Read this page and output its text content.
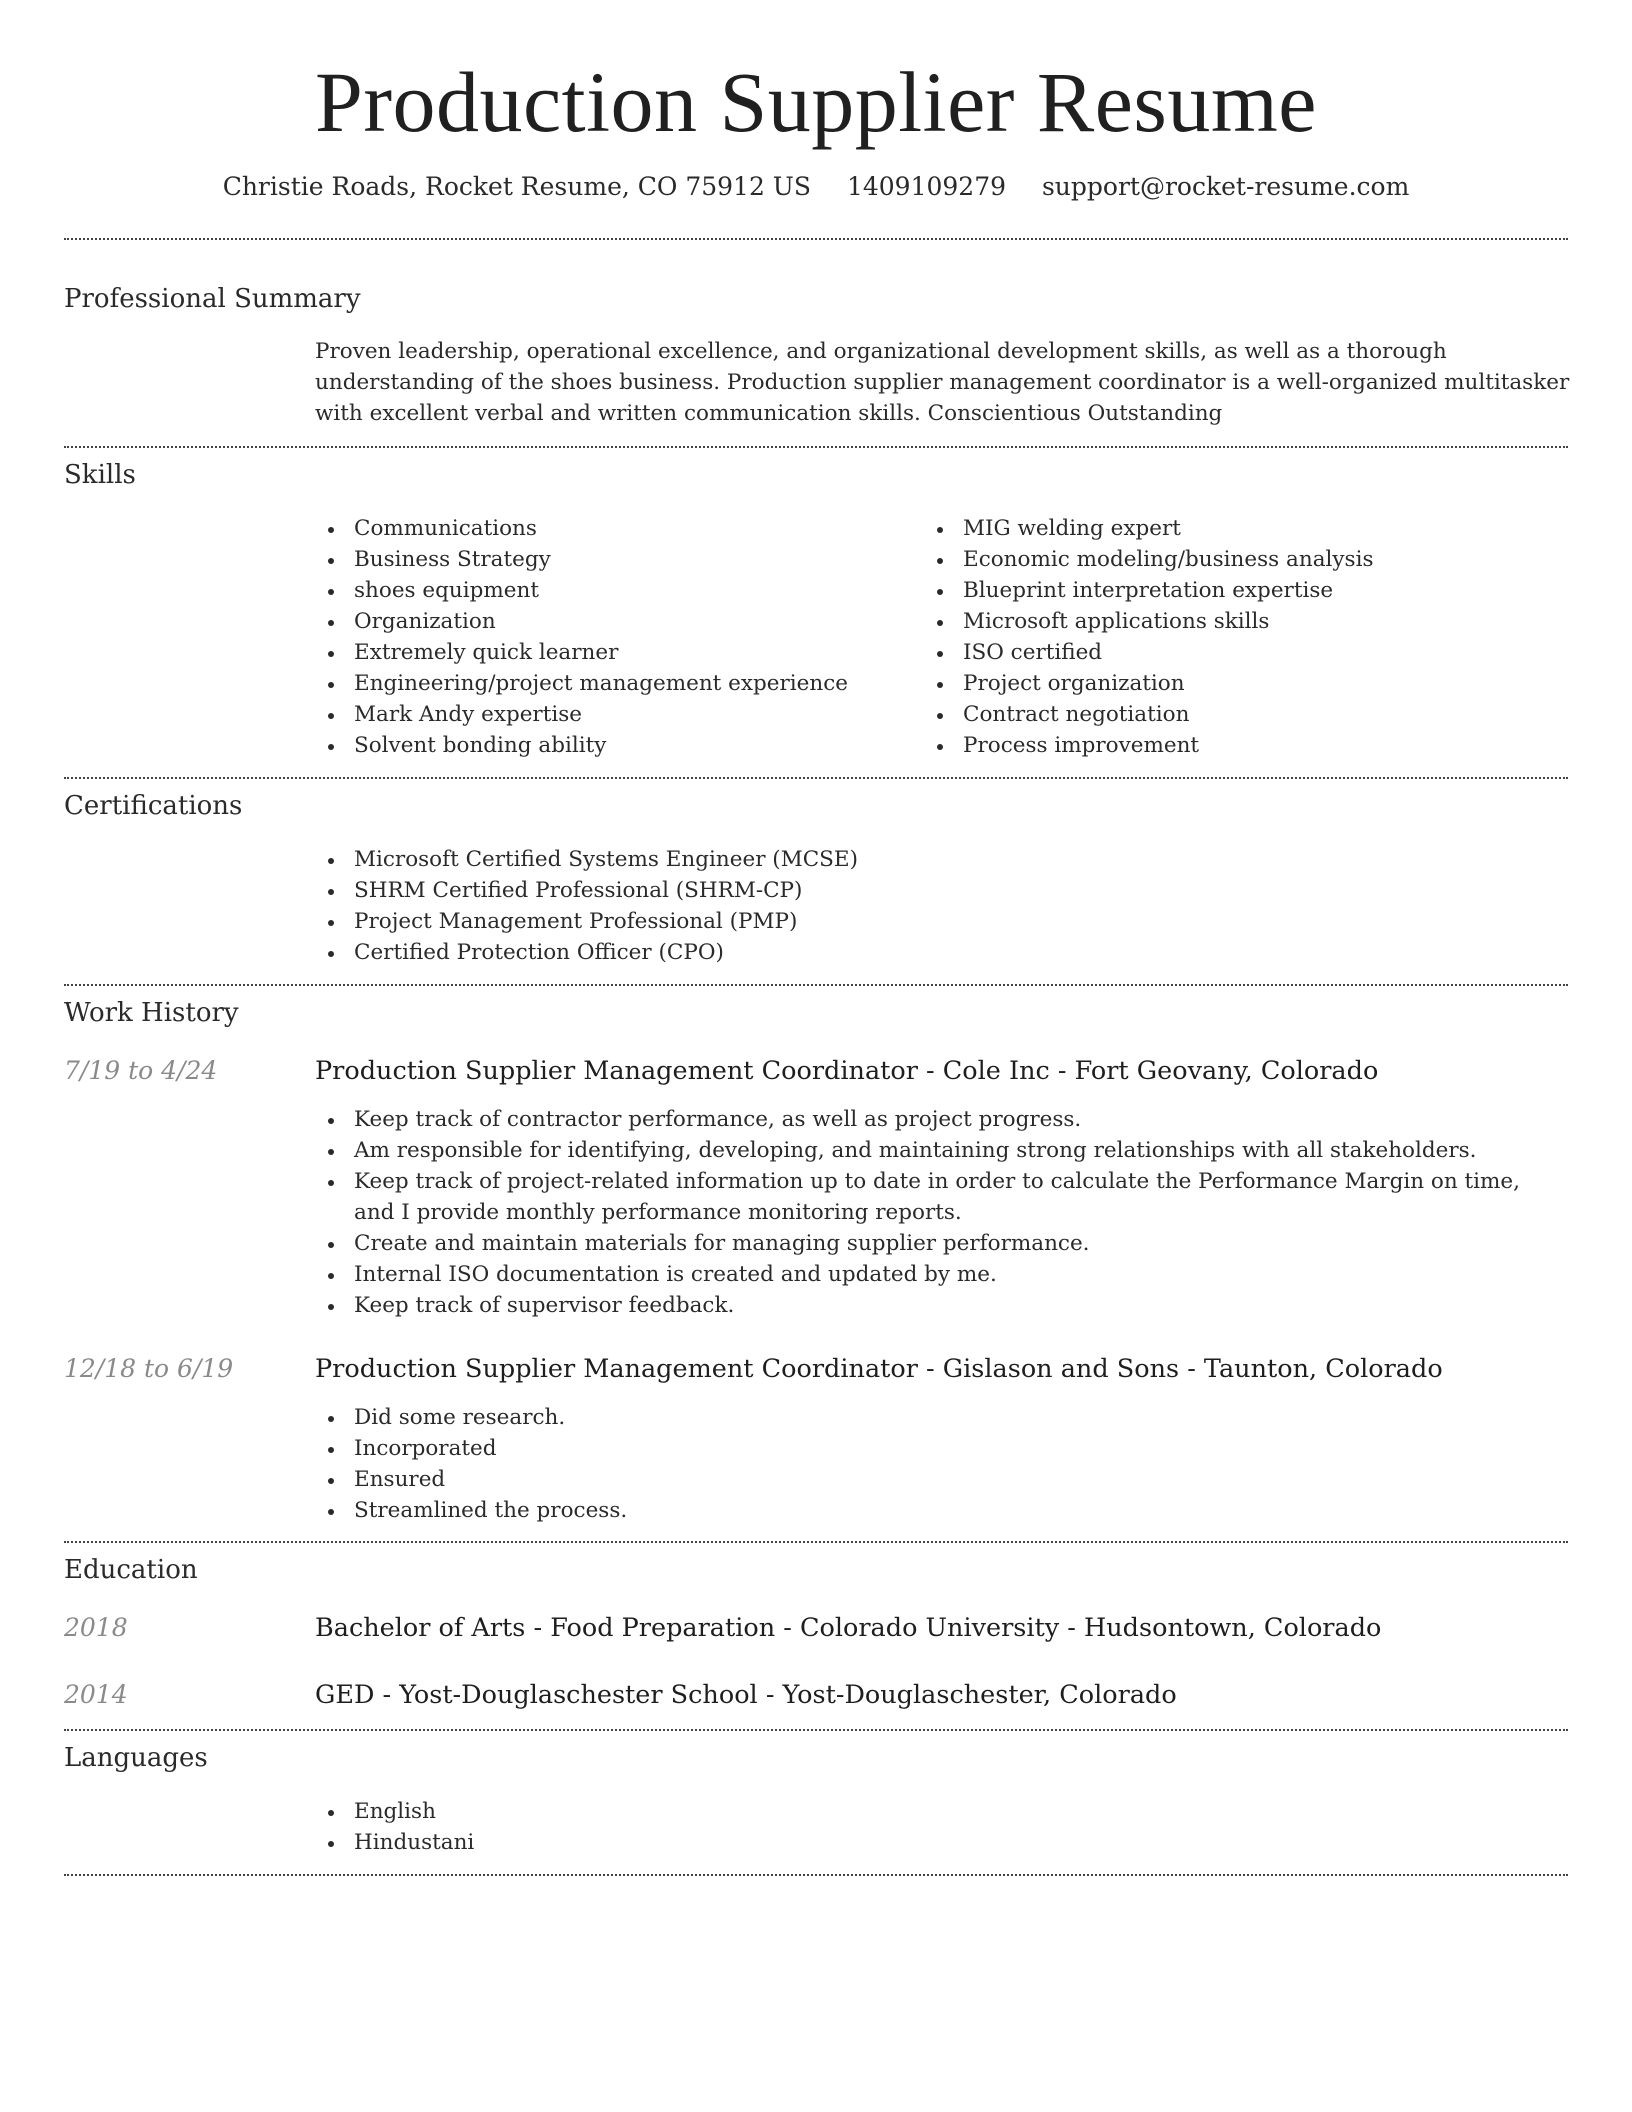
Production Supplier Resume
Christie Roads, Rocket Resume, CO 75912 US 1409109279 support@rocket-resume.com
Professional Summary
Proven leadership, operational excellence, and organizational development skills, as well as a thorough understanding of the shoes business. Production supplier management coordinator is a well-organized multitasker with excellent verbal and written communication skills. Conscientious Outstanding
Skills
Communications
Business Strategy
shoes equipment
Organization
Extremely quick learner
Engineering/project management experience
Mark Andy expertise
Solvent bonding ability
MIG welding expert
Economic modeling/business analysis
Blueprint interpretation expertise
Microsoft applications skills
ISO certified
Project organization
Contract negotiation
Process improvement
Certifications
Microsoft Certified Systems Engineer (MCSE)
SHRM Certified Professional (SHRM-CP)
Project Management Professional (PMP)
Certified Protection Officer (CPO)
Work History
7/19 to 4/24	Production Supplier Management Coordinator - Cole Inc - Fort Geovany, Colorado
Keep track of contractor performance, as well as project progress.
Am responsible for identifying, developing, and maintaining strong relationships with all stakeholders.
Keep track of project-related information up to date in order to calculate the Performance Margin on time, and I provide monthly performance monitoring reports.
Create and maintain materials for managing supplier performance.
Internal ISO documentation is created and updated by me.
Keep track of supervisor feedback.
12/18 to 6/19	Production Supplier Management Coordinator - Gislason and Sons - Taunton, Colorado
Did some research.
Incorporated
Ensured
Streamlined the process.
Education
2018	Bachelor of Arts - Food Preparation - Colorado University - Hudsontown, Colorado
2014	GED - Yost-Douglaschester School - Yost-Douglaschester, Colorado
Languages
English
Hindustani
